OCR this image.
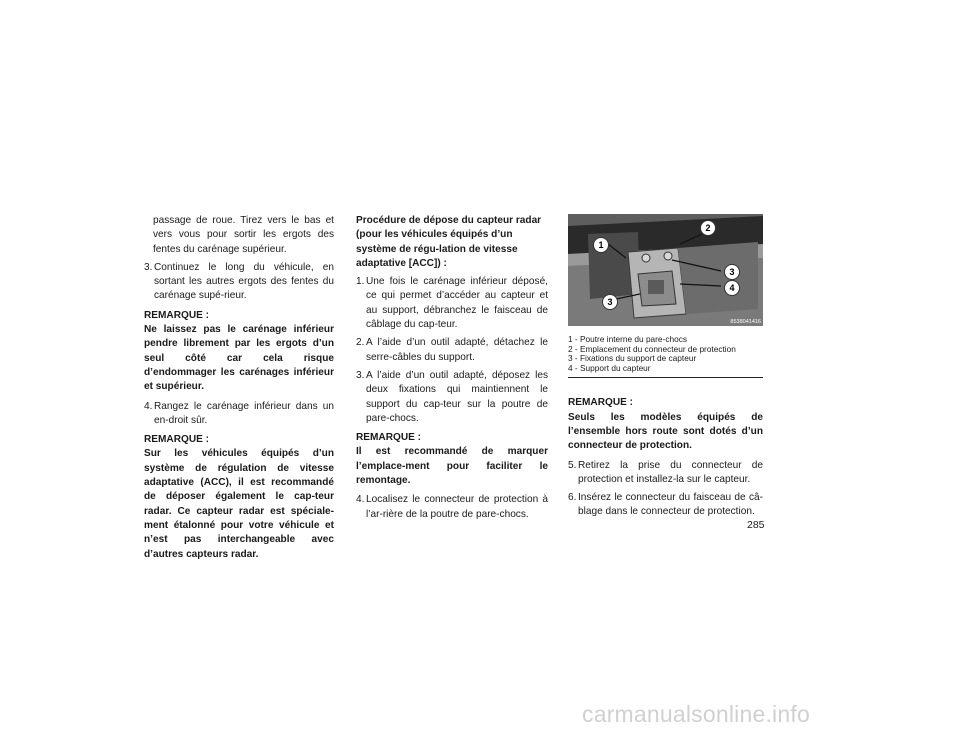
passage de roue. Tirez vers le bas et vers vous pour sortir les ergots des fentes du carénage supérieur.

3. Continuez le long du véhicule, en sortant les autres ergots des fentes du carénage supé-rieur.
REMARQUE :
Ne laissez pas le carénage inférieur pendre librement par les ergots d’un seul côté car cela risque d’endommager les carénages inférieur et supérieur.
4. Rangez le carénage inférieur dans un en-droit sûr.
REMARQUE :
Sur les véhicules équipés d’un système de régulation de vitesse adaptative (ACC), il est recommandé de déposer également le cap-teur radar. Ce capteur radar est spéciale-ment étalonné pour votre véhicule et n’est pas interchangeable avec d’autres capteurs radar.
Procédure de dépose du capteur radar (pour les véhicules équipés d’un système de régu-lation de vitesse adaptative [ACC]) :
1. Une fois le carénage inférieur déposé, ce qui permet d’accéder au capteur et au support, débranchez le faisceau de câblage du cap-teur.
2. A l’aide d’un outil adapté, détachez le serre-câbles du support.
3. A l’aide d’un outil adapté, déposez les deux fixations qui maintiennent le support du cap-teur sur la poutre de pare-chocs.
REMARQUE :
Il est recommandé de marquer l’emplace-ment pour faciliter le remontage.
4. Localisez le connecteur de protection à l’ar-rière de la poutre de pare-chocs.
1
2
3
4
3
8538041416
1 - Poutre interne du pare-chocs
2 - Emplacement du connecteur de protection
3 - Fixations du support de capteur
4 - Support du capteur
REMARQUE :
Seuls les modèles équipés de l’ensemble hors route sont dotés d’un connecteur de protection.
5. Retirez la prise du connecteur de protection et installez-la sur le capteur.
6. Insérez le connecteur du faisceau de câ-blage dans le connecteur de protection.
285
carmanualsonline.info
